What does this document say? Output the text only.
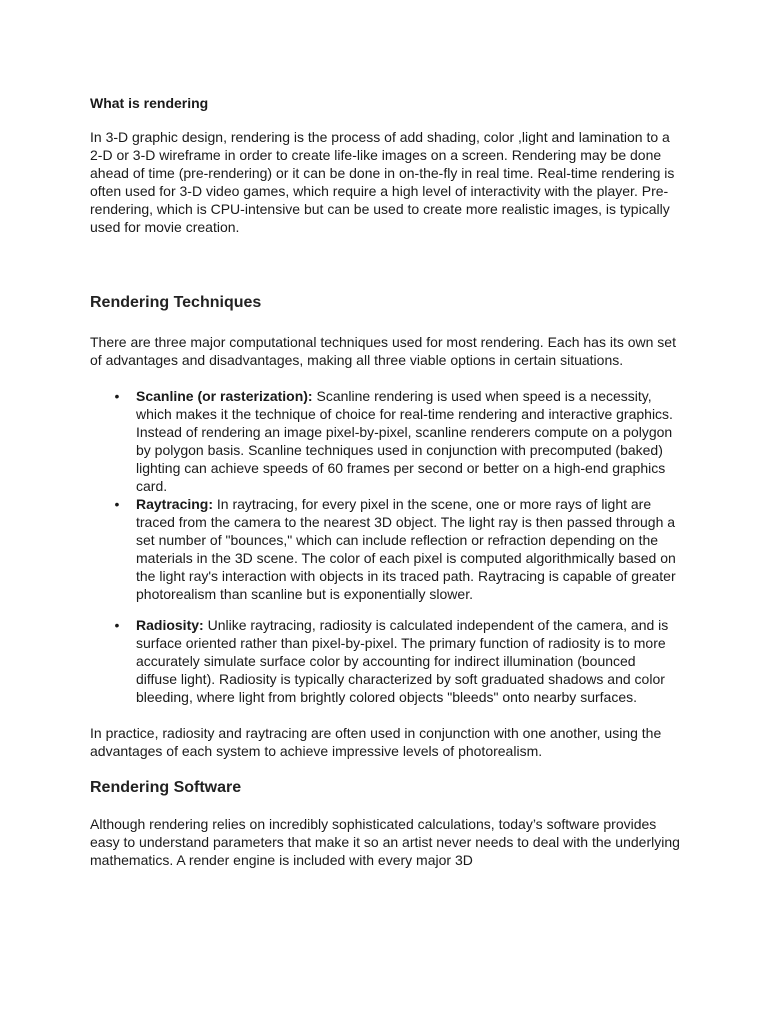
What is rendering

In 3-D graphic design, rendering is the process of add shading, color ,light and lamination to a 2-D or 3-D wireframe in order to create life-like images on a screen. Rendering may be done ahead of time (pre-rendering) or it can be done in on-the-fly in real time. Real-time rendering is often used for 3-D video games, which require a high level of interactivity with the player. Pre-rendering, which is CPU-intensive but can be used to create more realistic images, is typically used for movie creation.

Rendering Techniques

There are three major computational techniques used for most rendering. Each has its own set of advantages and disadvantages, making all three viable options in certain situations.

• Scanline (or rasterization): Scanline rendering is used when speed is a necessity, which makes it the technique of choice for real-time rendering and interactive graphics. Instead of rendering an image pixel-by-pixel, scanline renderers compute on a polygon by polygon basis. Scanline techniques used in conjunction with precomputed (baked) lighting can achieve speeds of 60 frames per second or better on a high-end graphics card.
• Raytracing: In raytracing, for every pixel in the scene, one or more rays of light are traced from the camera to the nearest 3D object. The light ray is then passed through a set number of "bounces," which can include reflection or refraction depending on the materials in the 3D scene. The color of each pixel is computed algorithmically based on the light ray's interaction with objects in its traced path. Raytracing is capable of greater photorealism than scanline but is exponentially slower.
• Radiosity: Unlike raytracing, radiosity is calculated independent of the camera, and is surface oriented rather than pixel-by-pixel. The primary function of radiosity is to more accurately simulate surface color by accounting for indirect illumination (bounced diffuse light). Radiosity is typically characterized by soft graduated shadows and color bleeding, where light from brightly colored objects "bleeds" onto nearby surfaces.

In practice, radiosity and raytracing are often used in conjunction with one another, using the advantages of each system to achieve impressive levels of photorealism.

Rendering Software

Although rendering relies on incredibly sophisticated calculations, today’s software provides easy to understand parameters that make it so an artist never needs to deal with the underlying mathematics. A render engine is included with every major 3D
